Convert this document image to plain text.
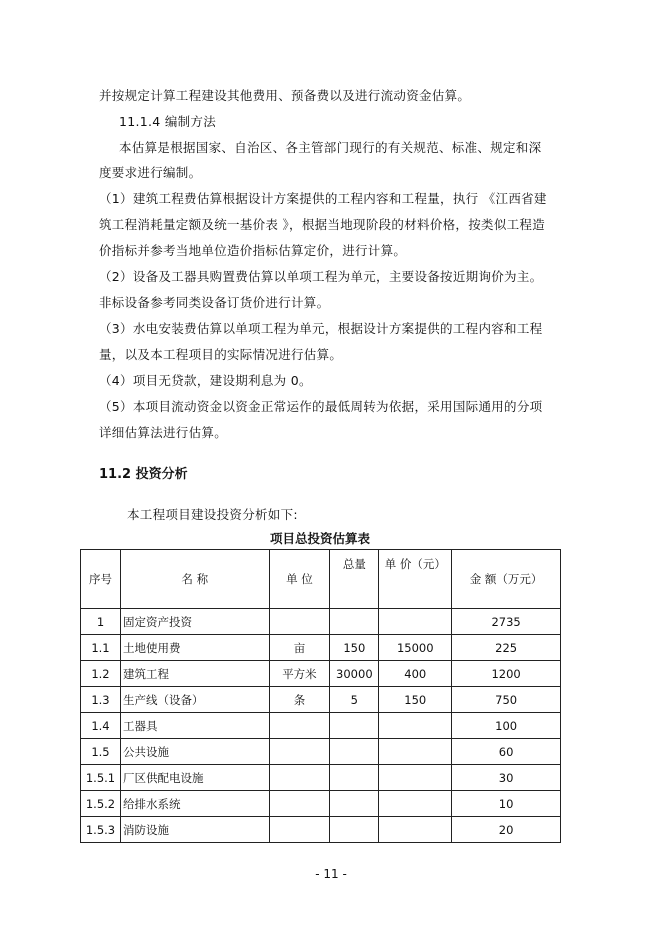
并按规定计算工程建设其他费用、预备费以及进行流动资金估算。
11.1.4 编制方法
本估算是根据国家、自治区、各主管部门现行的有关规范、标准、规定和深
度要求进行编制。
（1）建筑工程费估算根据设计方案提供的工程内容和工程量，执行 《江西省建
筑工程消耗量定额及统一基价表 》，根据当地现阶段的材料价格，按类似工程造
价指标并参考当地单位造价指标估算定价，进行计算。
（2）设备及工器具购置费估算以单项工程为单元，主要设备按近期询价为主。
非标设备参考同类设备订货价进行计算。
（3）水电安装费估算以单项工程为单元，根据设计方案提供的工程内容和工程
量，以及本工程项目的实际情况进行估算。
（4）项目无贷款，建设期利息为 0。
（5）本项目流动资金以资金正常运作的最低周转为依据，采用国际通用的分项
详细估算法进行估算。
11.2 投资分析
本工程项目建设投资分析如下:
项目总投资估算表
序号	名 称	单 位	总量	单 价（元）	金 额（万元）
1	固定资产投资				2735
1.1	土地使用费	亩	150	15000	225
1.2	建筑工程	平方米	30000	400	1200
1.3	生产线（设备）	条	5	150	750
1.4	工器具				100
1.5	公共设施				60
1.5.1	厂区供配电设施				30
1.5.2	给排水系统				10
1.5.3	消防设施				20
- 11 -
